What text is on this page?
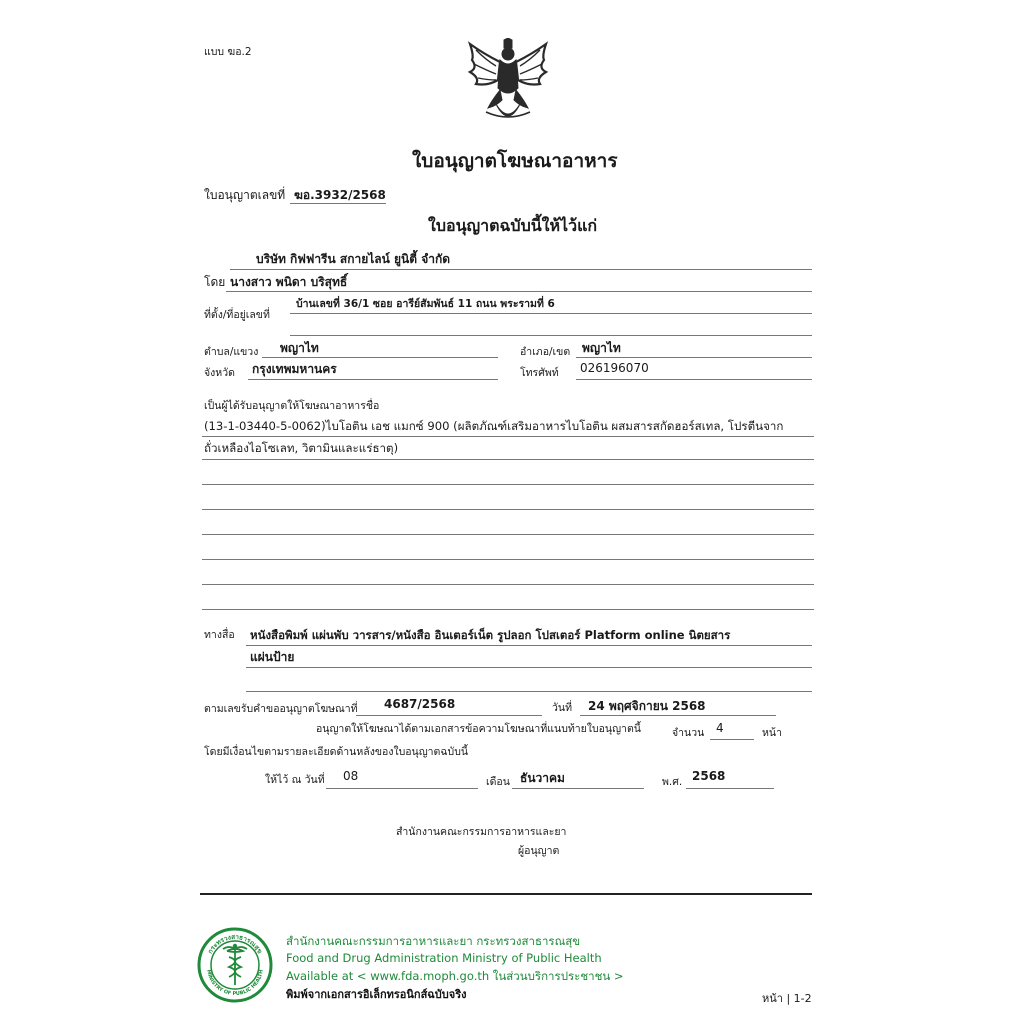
แบบ ฆอ.2
ใบอนุญาตโฆษณาอาหาร
ใบอนุญาตเลขที่ ฆอ.3932/2568
ใบอนุญาตฉบับนี้ให้ไว้แก่
บริษัท กิฟฟารีน สกายไลน์ ยูนิตี้ จำกัด
โดย นางสาว พนิดา บริสุทธิ์
ที่ตั้ง/ที่อยู่เลขที่
บ้านเลขที่ 36/1 ซอย อารีย์สัมพันธ์ 11 ถนน พระรามที่ 6
ตำบล/แขวง พญาไท	อำเภอ/เขต พญาไท
จังหวัด กรุงเทพมหานคร	โทรศัพท์ 026196070
เป็นผู้ได้รับอนุญาตให้โฆษณาอาหารชื่อ
(13-1-03440-5-0062)ไบโอติน เอช แมกซ์ 900 (ผลิตภัณฑ์เสริมอาหารไบโอติน ผสมสารสกัดฮอร์สเทล, โปรตีนจาก
ถั่วเหลืองไอโซเลท, วิตามินและแร่ธาตุ)
ทางสื่อ หนังสือพิมพ์ แผ่นพับ วารสาร/หนังสือ อินเตอร์เน็ต รูปลอก โปสเตอร์ Platform online นิตยสาร
แผ่นป้าย
ตามเลขรับคำขออนุญาตโฆษณาที่ 4687/2568	วันที่ 24 พฤศจิกายน 2568
อนุญาตให้โฆษณาได้ตามเอกสารข้อความโฆษณาที่แนบท้ายใบอนุญาตนี้	จำนวน 4	หน้า
โดยมีเงื่อนไขตามรายละเอียดด้านหลังของใบอนุญาตฉบับนี้
ให้ไว้ ณ วันที่ 08	เดือน ธันวาคม	พ.ศ. 2568
สำนักงานคณะกรรมการอาหารและยา
ผู้อนุญาต
กระทรวงสาธารณสุข
MINISTRY OF PUBLIC HEALTH
สำนักงานคณะกรรมการอาหารและยา กระทรวงสาธารณสุข
Food and Drug Administration Ministry of Public Health
Available at < www.fda.moph.go.th ในส่วนบริการประชาชน >
พิมพ์จากเอกสารอิเล็กทรอนิกส์ฉบับจริง	หน้า | 1-2
